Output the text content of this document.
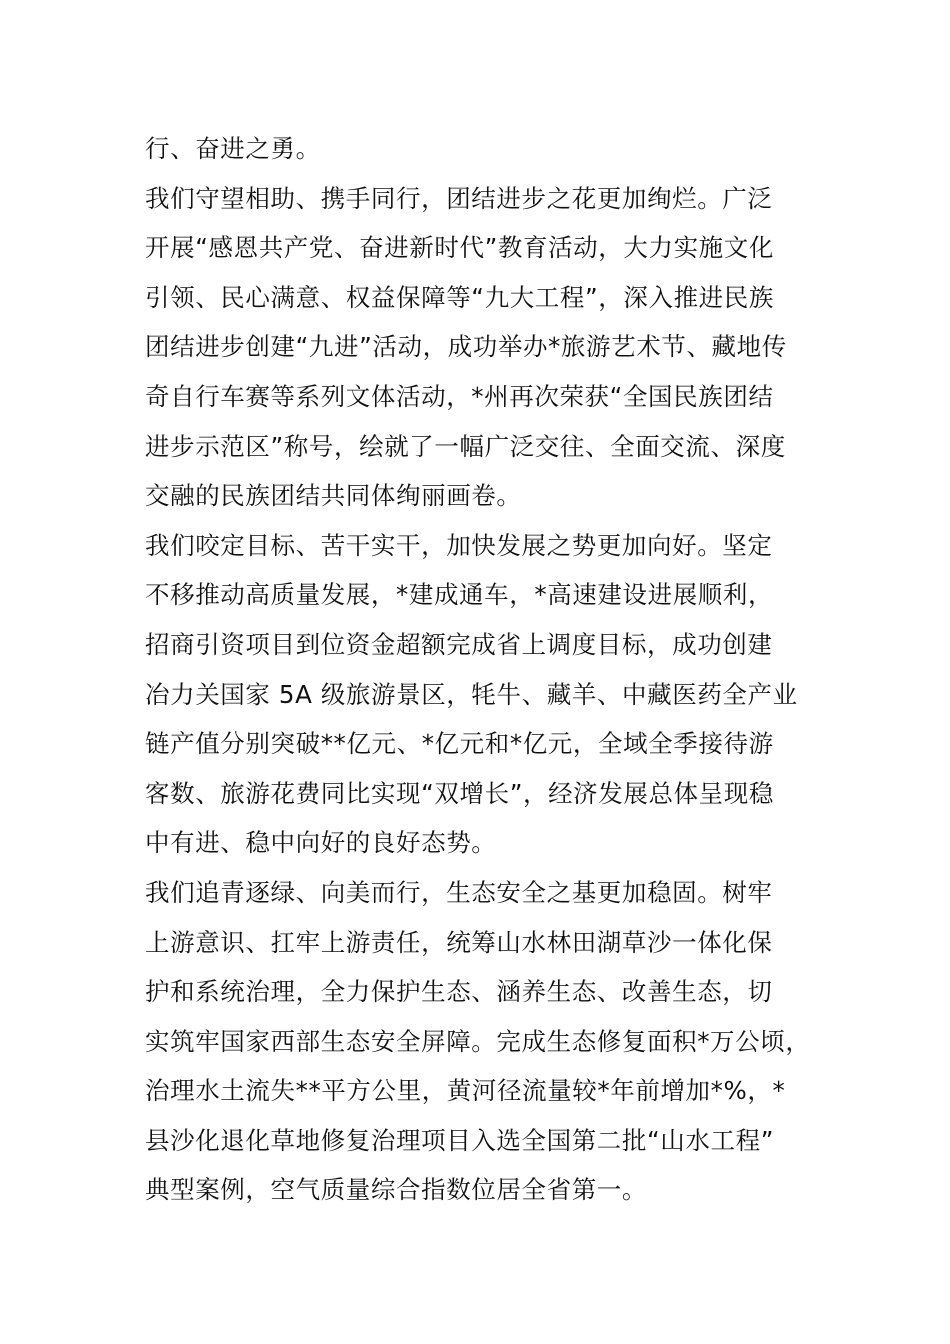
行、奋进之勇。
我们守望相助、携手同行，团结进步之花更加绚烂。广泛
开展“感恩共产党、奋进新时代”教育活动，大力实施文化
引领、民心满意、权益保障等“九大工程”，深入推进民族
团结进步创建“九进”活动，成功举办*旅游艺术节、藏地传
奇自行车赛等系列文体活动，*州再次荣获“全国民族团结
进步示范区”称号，绘就了一幅广泛交往、全面交流、深度
交融的民族团结共同体绚丽画卷。
我们咬定目标、苦干实干，加快发展之势更加向好。坚定
不移推动高质量发展，*建成通车，*高速建设进展顺利，
招商引资项目到位资金超额完成省上调度目标，成功创建
冶力关国家 5A 级旅游景区，牦牛、藏羊、中藏医药全产业
链产值分别突破**亿元、*亿元和*亿元，全域全季接待游
客数、旅游花费同比实现“双增长”，经济发展总体呈现稳
中有进、稳中向好的良好态势。
我们追青逐绿、向美而行，生态安全之基更加稳固。树牢
上游意识、扛牢上游责任，统筹山水林田湖草沙一体化保
护和系统治理，全力保护生态、涵养生态、改善生态，切
实筑牢国家西部生态安全屏障。完成生态修复面积*万公顷，
治理水土流失**平方公里，黄河径流量较*年前增加*%，*
县沙化退化草地修复治理项目入选全国第二批“山水工程”
典型案例，空气质量综合指数位居全省第一。
